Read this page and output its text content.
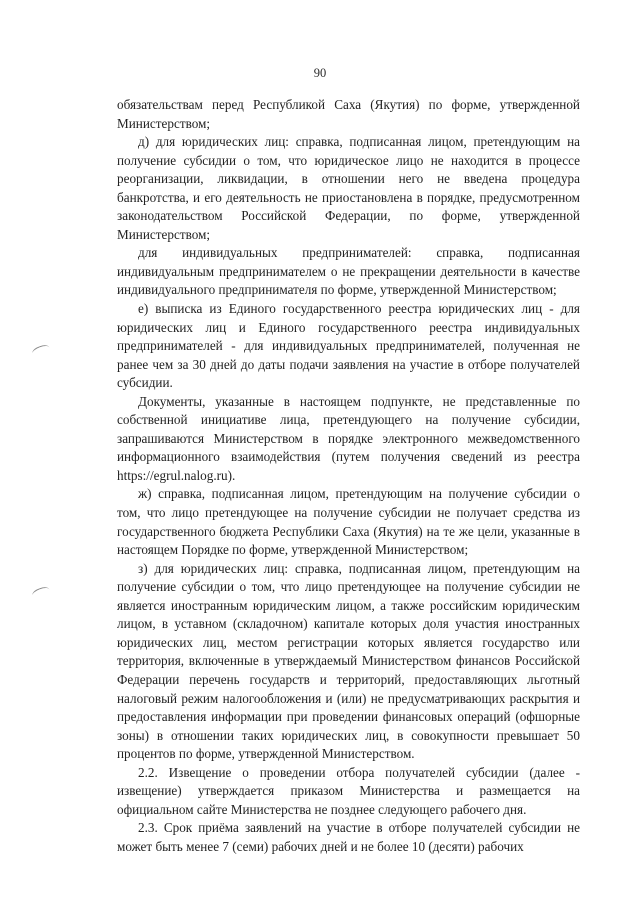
90

обязательствам перед Республикой Саха (Якутия) по форме, утвержденной Министерством;

д) для юридических лиц: справка, подписанная лицом, претендующим на получение субсидии о том, что юридическое лицо не находится в процессе реорганизации, ликвидации, в отношении него не введена процедура банкротства, и его деятельность не приостановлена в порядке, предусмотренном законодательством Российской Федерации, по форме, утвержденной Министерством;

для индивидуальных предпринимателей: справка, подписанная индивидуальным предпринимателем о не прекращении деятельности в качестве индивидуального предпринимателя по форме, утвержденной Министерством;

е) выписка из Единого государственного реестра юридических лиц - для юридических лиц и Единого государственного реестра индивидуальных предпринимателей - для индивидуальных предпринимателей, полученная не ранее чем за 30 дней до даты подачи заявления на участие в отборе получателей субсидии.

Документы, указанные в настоящем подпункте, не представленные по собственной инициативе лица, претендующего на получение субсидии, запрашиваются Министерством в порядке электронного межведомственного информационного взаимодействия (путем получения сведений из реестра https://egrul.nalog.ru).

ж) справка, подписанная лицом, претендующим на получение субсидии о том, что лицо претендующее на получение субсидии не получает средства из государственного бюджета Республики Саха (Якутия) на те же цели, указанные в настоящем Порядке по форме, утвержденной Министерством;

з) для юридических лиц: справка, подписанная лицом, претендующим на получение субсидии о том, что лицо претендующее на получение субсидии не является иностранным юридическим лицом, а также российским юридическим лицом, в уставном (складочном) капитале которых доля участия иностранных юридических лиц, местом регистрации которых является государство или территория, включенные в утверждаемый Министерством финансов Российской Федерации перечень государств и территорий, предоставляющих льготный налоговый режим налогообложения и (или) не предусматривающих раскрытия и предоставления информации при проведении финансовых операций (офшорные зоны) в отношении таких юридических лиц, в совокупности превышает 50 процентов по форме, утвержденной Министерством.

2.2. Извещение о проведении отбора получателей субсидии (далее - извещение) утверждается приказом Министерства и размещается на официальном сайте Министерства не позднее следующего рабочего дня.

2.3. Срок приёма заявлений на участие в отборе получателей субсидии не может быть менее 7 (семи) рабочих дней и не более 10 (десяти) рабочих
